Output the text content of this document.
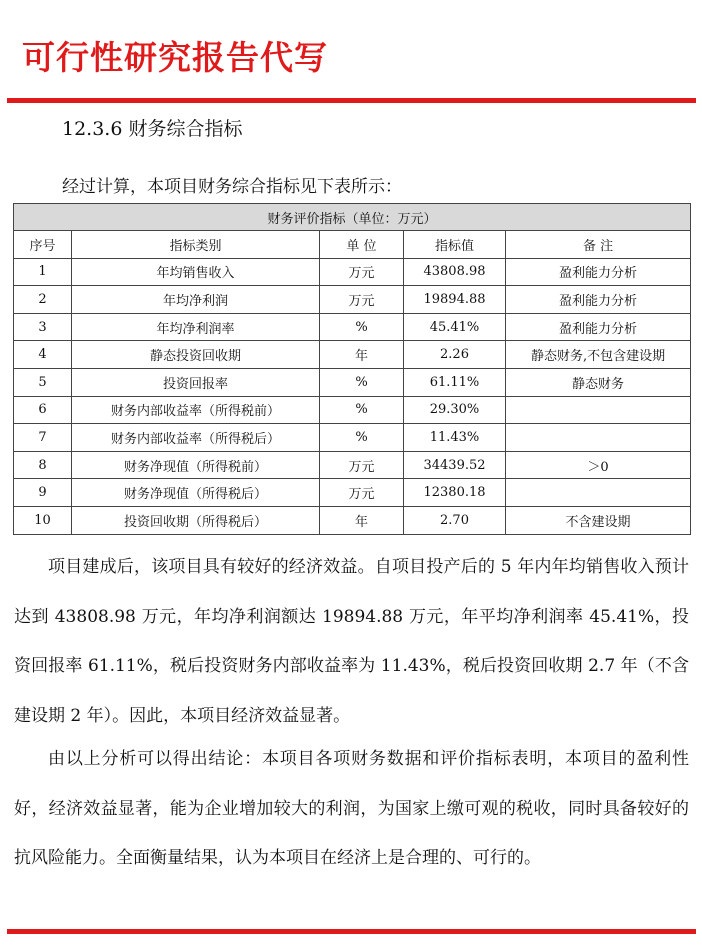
可行性研究报告代写
12.3.6 财务综合指标

经过计算，本项目财务综合指标见下表所示：

财务评价指标（单位：万元）				
序号	指标类别	单 位	指标值	备 注
1	年均销售收入	万元	43808.98	盈利能力分析
2	年均净利润	万元	19894.88	盈利能力分析
3	年均净利润率	%	45.41%	盈利能力分析
4	静态投资回收期	年	2.26	静态财务,不包含建设期
5	投资回报率	%	61.11%	静态财务
6	财务内部收益率（所得税前）	%	29.30%	
7	财务内部收益率（所得税后）	%	11.43%	
8	财务净现值（所得税前）	万元	34439.52	＞0
9	财务净现值（所得税后）	万元	12380.18	
10	投资回收期（所得税后）	年	2.70	不含建设期

项目建成后，该项目具有较好的经济效益。自项目投产后的 5 年内年均销售收入预计达到 43808.98 万元，年均净利润额达 19894.88 万元，年平均净利润率 45.41%，投资回报率 61.11%，税后投资财务内部收益率为 11.43%，税后投资回收期 2.7 年（不含建设期 2 年）。因此，本项目经济效益显著。

由以上分析可以得出结论：本项目各项财务数据和评价指标表明，本项目的盈利性好，经济效益显著，能为企业增加较大的利润，为国家上缴可观的税收，同时具备较好的抗风险能力。全面衡量结果，认为本项目在经济上是合理的、可行的。
